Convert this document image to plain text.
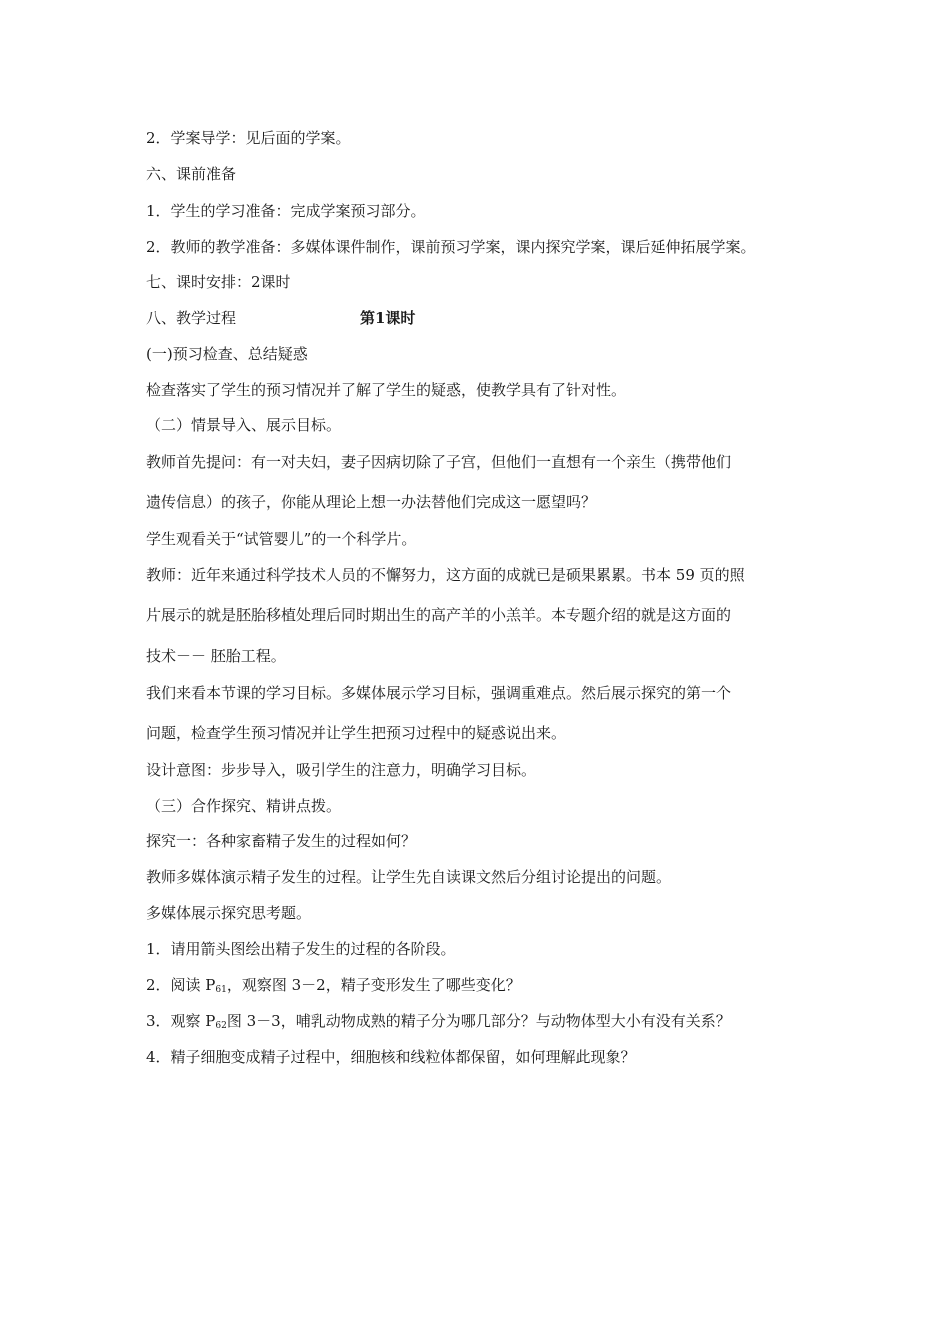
2．学案导学：见后面的学案。
六、课前准备
1．学生的学习准备：完成学案预习部分。
2．教师的教学准备：多媒体课件制作，课前预习学案，课内探究学案，课后延伸拓展学案。
七、课时安排：2课时
八、教学过程	第1课时
(一)预习检查、总结疑惑
检查落实了学生的预习情况并了解了学生的疑惑，使教学具有了针对性。
（二）情景导入、展示目标。
教师首先提问：有一对夫妇，妻子因病切除了子宫，但他们一直想有一个亲生（携带他们
遗传信息）的孩子，你能从理论上想一办法替他们完成这一愿望吗？
学生观看关于“试管婴儿”的一个科学片。
教师：近年来通过科学技术人员的不懈努力，这方面的成就已是硕果累累。书本 59 页的照
片展示的就是胚胎移植处理后同时期出生的高产羊的小羔羊。本专题介绍的就是这方面的
技术－－ 胚胎工程。
我们来看本节课的学习目标。多媒体展示学习目标，强调重难点。然后展示探究的第一个
问题，检查学生预习情况并让学生把预习过程中的疑惑说出来。
设计意图：步步导入，吸引学生的注意力，明确学习目标。
（三）合作探究、精讲点拨。
探究一：各种家畜精子发生的过程如何？
教师多媒体演示精子发生的过程。让学生先自读课文然后分组讨论提出的问题。
多媒体展示探究思考题。
1．请用箭头图绘出精子发生的过程的各阶段。
2．阅读 $P_{61}$，观察图 3－2，精子变形发生了哪些变化？
3．观察 $P_{62}$图 3－3，哺乳动物成熟的精子分为哪几部分？与动物体型大小有没有关系？
4．精子细胞变成精子过程中，细胞核和线粒体都保留，如何理解此现象？
